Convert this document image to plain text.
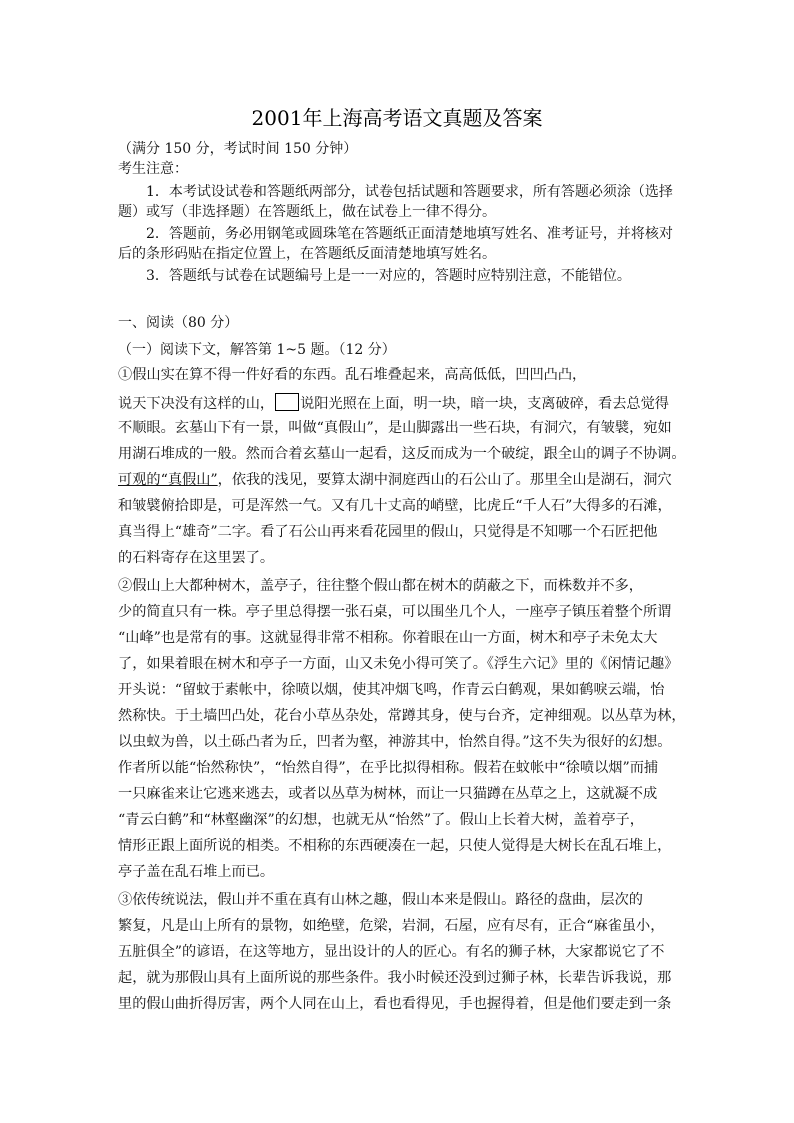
2001年上海高考语文真题及答案
（满分 150 分，考试时间 150 分钟）
考生注意：
1．本考试设试卷和答题纸两部分，试卷包括试题和答题要求，所有答题必须涂（选择
题）或写（非选择题）在答题纸上，做在试卷上一律不得分。
2．答题前，务必用钢笔或圆珠笔在答题纸正面清楚地填写姓名、准考证号，并将核对
后的条形码贴在指定位置上，在答题纸反面清楚地填写姓名。
3．答题纸与试卷在试题编号上是一一对应的，答题时应特别注意，不能错位。
一、阅读（80 分）
（一）阅读下文，解答第 1~5 题。（12 分）
①假山实在算不得一件好看的东西。乱石堆叠起来，高高低低，凹凹凸凸，
说天下决没有这样的山， 说阳光照在上面，明一块，暗一块，支离破碎，看去总觉得
不顺眼。玄墓山下有一景，叫做“真假山”，是山脚露出一些石块，有洞穴，有皱襞，宛如
用湖石堆成的一般。然而合着玄墓山一起看，这反而成为一个破绽，跟全山的调子不协调。
可观的“真假山”，依我的浅见，要算太湖中洞庭西山的石公山了。那里全山是湖石，洞穴
和皱襞俯拾即是，可是浑然一气。又有几十丈高的峭壁，比虎丘“千人石”大得多的石滩，
真当得上“雄奇”二字。看了石公山再来看花园里的假山，只觉得是不知哪一个石匠把他
的石料寄存在这里罢了。
②假山上大都种树木，盖亭子，往往整个假山都在树木的荫蔽之下，而株数并不多，
少的简直只有一株。亭子里总得摆一张石桌，可以围坐几个人，一座亭子镇压着整个所谓
“山峰”也是常有的事。这就显得非常不相称。你着眼在山一方面，树木和亭子未免太大
了，如果着眼在树木和亭子一方面，山又未免小得可笑了。《浮生六记》里的《闲情记趣》
开头说：“留蚊于素帐中，徐喷以烟，使其冲烟飞鸣，作青云白鹤观，果如鹤唳云端，怡
然称快。于土墙凹凸处，花台小草丛杂处，常蹲其身，使与台齐，定神细观。以丛草为林，
以虫蚁为兽，以土砾凸者为丘，凹者为壑，神游其中，怡然自得。”这不失为很好的幻想。
作者所以能“怡然称快”，“怡然自得”，在乎比拟得相称。假若在蚊帐中“徐喷以烟”而捕
一只麻雀来让它逃来逃去，或者以丛草为树林，而让一只猫蹲在丛草之上，这就凝不成
“青云白鹤”和“林壑幽深”的幻想，也就无从“怡然”了。假山上长着大树，盖着亭子，
情形正跟上面所说的相类。不相称的东西硬凑在一起，只使人觉得是大树长在乱石堆上，
亭子盖在乱石堆上而已。
③依传统说法，假山并不重在真有山林之趣，假山本来是假山。路径的盘曲，层次的
繁复，凡是山上所有的景物，如绝壁，危梁，岩洞，石屋，应有尽有，正合“麻雀虽小，
五脏俱全”的谚语，在这等地方，显出设计的人的匠心。有名的狮子林，大家都说它了不
起，就为那假山具有上面所说的那些条件。我小时候还没到过狮子林，长辈告诉我说，那
里的假山曲折得厉害，两个人同在山上，看也看得见，手也握得着，但是他们要走到一条
